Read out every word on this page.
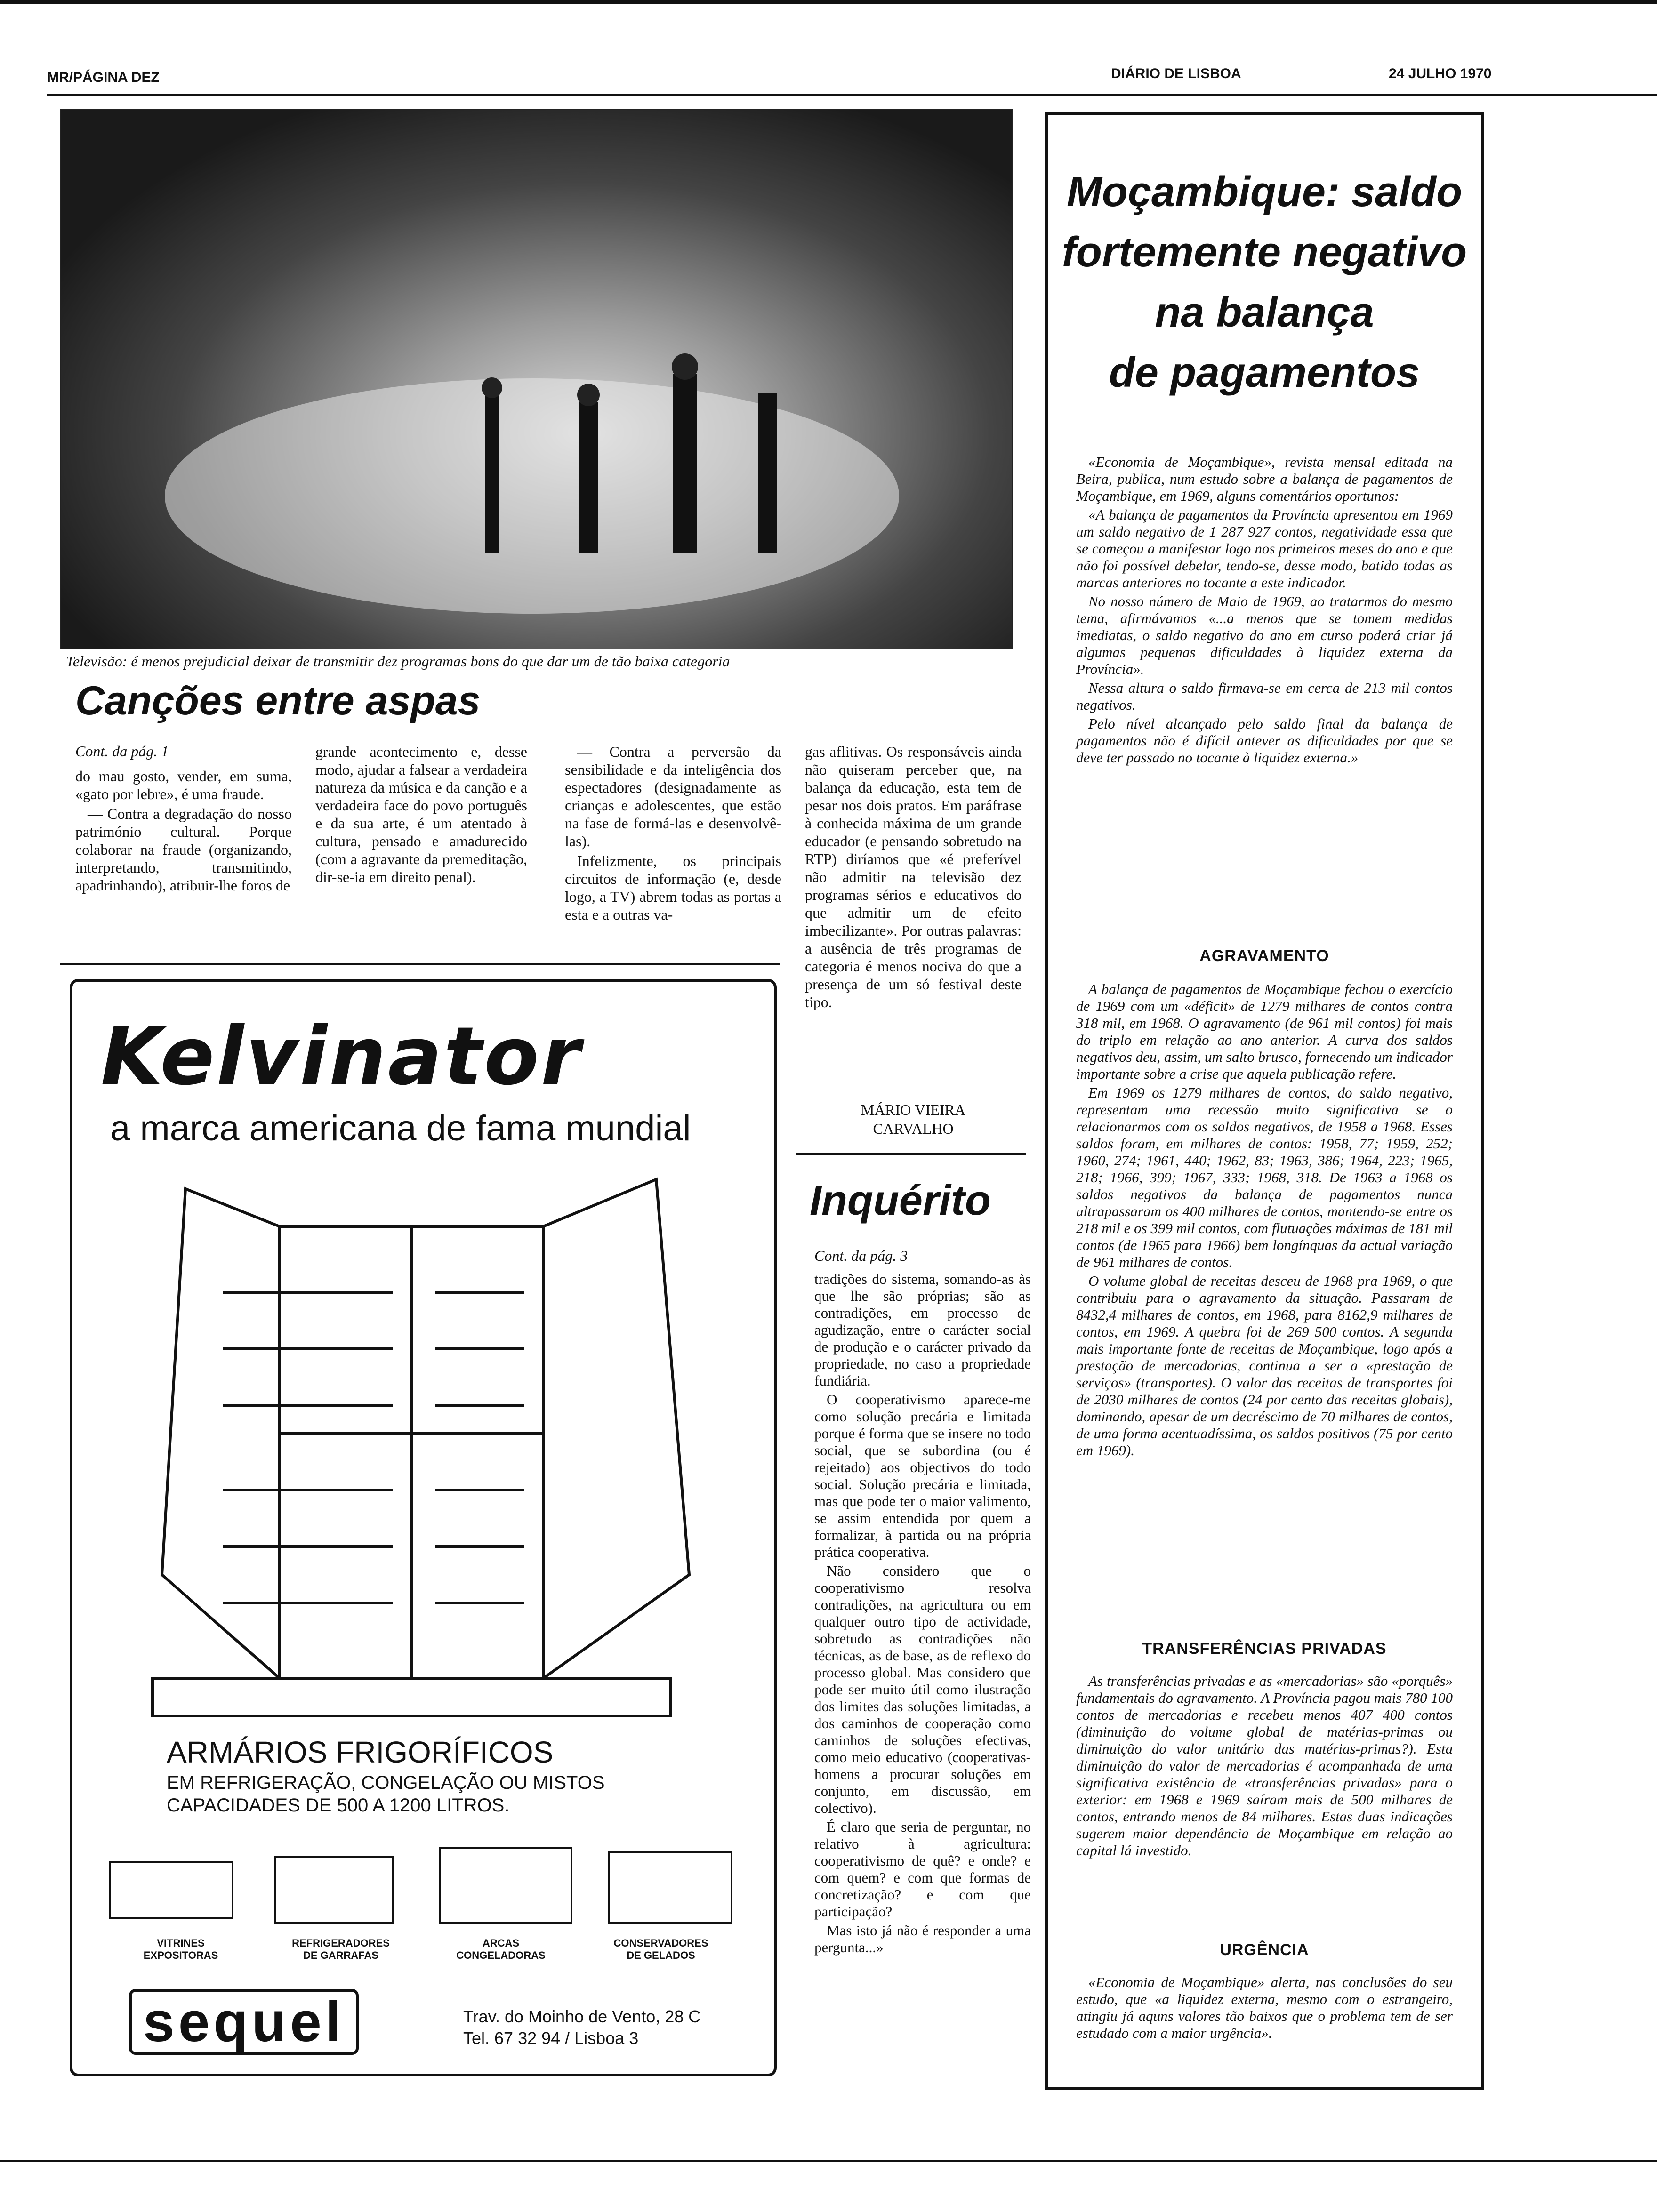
MR/PÁGINA DEZ	DIÁRIO DE LISBOA	24 JULHO 1970
Televisão: é menos prejudicial deixar de transmitir dez programas bons do que dar um de tão baixa categoria
Canções entre aspas
Cont. da pág. 1

do mau gosto, vender, em suma, «gato por lebre», é uma fraude.

— Contra a degradação do nosso património cultural. Porque colaborar na fraude (organizando, interpretando, transmitindo, apadrinhando), atribuir-lhe foros de

grande acontecimento e, desse modo, ajudar a falsear a verdadeira natureza da música e da canção e a verdadeira face do povo português e da sua arte, é um atentado à cultura, pensado e amadurecido (com a agravante da premeditação, dir-se-ia em direito penal).

— Contra a perversão da sensibilidade e da inteligência dos espectadores (designadamente as crianças e adolescentes, que estão na fase de formá-las e desenvolvê-las).

Infelizmente, os principais circuitos de informação (e, desde logo, a TV) abrem todas as portas a esta e a outras va-

gas aflitivas. Os responsáveis ainda não quiseram perceber que, na balança da educação, esta tem de pesar nos dois pratos. Em paráfrase à conhecida máxima de um grande educador (e pensando sobretudo na RTP) diríamos que «é preferível não admitir na televisão dez programas sérios e educativos do que admitir um de efeito imbecilizante». Por outras palavras: a ausência de três programas de categoria é menos nociva do que a presença de um só festival deste tipo.

MÁRIO VIEIRA
CARVALHO
Kelvinator
a marca americana de fama mundial
ARMÁRIOS FRIGORÍFICOS
EM REFRIGERAÇÃO, CONGELAÇÃO OU MISTOS
CAPACIDADES DE 500 A 1200 LITROS.
VITRINES
EXPOSITORAS
REFRIGERADORES
DE GARRAFAS
ARCAS
CONGELADORAS
CONSERVADORES
DE GELADOS
sequel	Trav. do Moinho de Vento, 28 C
Tel. 67 32 94 / Lisboa 3
Inquérito
Cont. da pág. 3

tradições do sistema, somando-as às que lhe são próprias; são as contradições, em processo de agudização, entre o carácter social de produção e o carácter privado da propriedade, no caso a propriedade fundiária.

O cooperativismo aparece-me como solução precária e limitada porque é forma que se insere no todo social, que se subordina (ou é rejeitado) aos objectivos do todo social. Solução precária e limitada, mas que pode ter o maior valimento, se assim entendida por quem a formalizar, à partida ou na própria prática cooperativa.

Não considero que o cooperativismo resolva contradições, na agricultura ou em qualquer outro tipo de actividade, sobretudo as contradições não técnicas, as de base, as de reflexo do processo global. Mas considero que pode ser muito útil como ilustração dos limites das soluções limitadas, a dos caminhos de cooperação como caminhos de soluções efectivas, como meio educativo (cooperativas-homens a procurar soluções em conjunto, em discussão, em colectivo).

É claro que seria de perguntar, no relativo à agricultura: cooperativismo de quê? e onde? e com quem? e com que formas de concretização? e com que participação?

Mas isto já não é responder a uma pergunta...»

Moçambique: saldo
fortemente negativo
na balança
de pagamentos

«Economia de Moçambique», revista mensal editada na Beira, publica, num estudo sobre a balança de pagamentos de Moçambique, em 1969, alguns comentários oportunos:

«A balança de pagamentos da Província apresentou em 1969 um saldo negativo de 1 287 927 contos, negatividade essa que se começou a manifestar logo nos primeiros meses do ano e que não foi possível debelar, tendo-se, desse modo, batido todas as marcas anteriores no tocante a este indicador.

No nosso número de Maio de 1969, ao tratarmos do mesmo tema, afirmávamos «...a menos que se tomem medidas imediatas, o saldo negativo do ano em curso poderá criar já algumas pequenas dificuldades à liquidez externa da Província».

Nessa altura o saldo firmava-se em cerca de 213 mil contos negativos.

Pelo nível alcançado pelo saldo final da balança de pagamentos não é difícil antever as dificuldades por que se deve ter passado no tocante à liquidez externa.»

AGRAVAMENTO

A balança de pagamentos de Moçambique fechou o exercício de 1969 com um «déficit» de 1279 milhares de contos contra 318 mil, em 1968. O agravamento (de 961 mil contos) foi mais do triplo em relação ao ano anterior. A curva dos saldos negativos deu, assim, um salto brusco, fornecendo um indicador importante sobre a crise que aquela publicação refere.

Em 1969 os 1279 milhares de contos, do saldo negativo, representam uma recessão muito significativa se o relacionarmos com os saldos negativos, de 1958 a 1968. Esses saldos foram, em milhares de contos: 1958, 77; 1959, 252; 1960, 274; 1961, 440; 1962, 83; 1963, 386; 1964, 223; 1965, 218; 1966, 399; 1967, 333; 1968, 318. De 1963 a 1968 os saldos negativos da balança de pagamentos nunca ultrapassaram os 400 milhares de contos, mantendo-se entre os 218 mil e os 399 mil contos, com flutuações máximas de 181 mil contos (de 1965 para 1966) bem longínquas da actual variação de 961 milhares de contos.

O volume global de receitas desceu de 1968 pra 1969, o que contribuiu para o agravamento da situação. Passaram de 8432,4 milhares de contos, em 1968, para 8162,9 milhares de contos, em 1969. A quebra foi de 269 500 contos. A segunda mais importante fonte de receitas de Moçambique, logo após a prestação de mercadorias, continua a ser a «prestação de serviços» (transportes). O valor das receitas de transportes foi de 2030 milhares de contos (24 por cento das receitas globais), dominando, apesar de um decréscimo de 70 milhares de contos, de uma forma acentuadíssima, os saldos positivos (75 por cento em 1969).

TRANSFERÊNCIAS PRIVADAS

As transferências privadas e as «mercadorias» são «porquês» fundamentais do agravamento. A Província pagou mais 780 100 contos de mercadorias e recebeu menos 407 400 contos (diminuição do volume global de matérias-primas ou diminuição do valor unitário das matérias-primas?). Esta diminuição do valor de mercadorias é acompanhada de uma significativa existência de «transferências privadas» para o exterior: em 1968 e 1969 saíram mais de 500 milhares de contos, entrando menos de 84 milhares. Estas duas indicações sugerem maior dependência de Moçambique em relação ao capital lá investido.

URGÊNCIA

«Economia de Moçambique» alerta, nas conclusões do seu estudo, que «a liquidez externa, mesmo com o estrangeiro, atingiu já aquns valores tão baixos que o problema tem de ser estudado com a maior urgência».
